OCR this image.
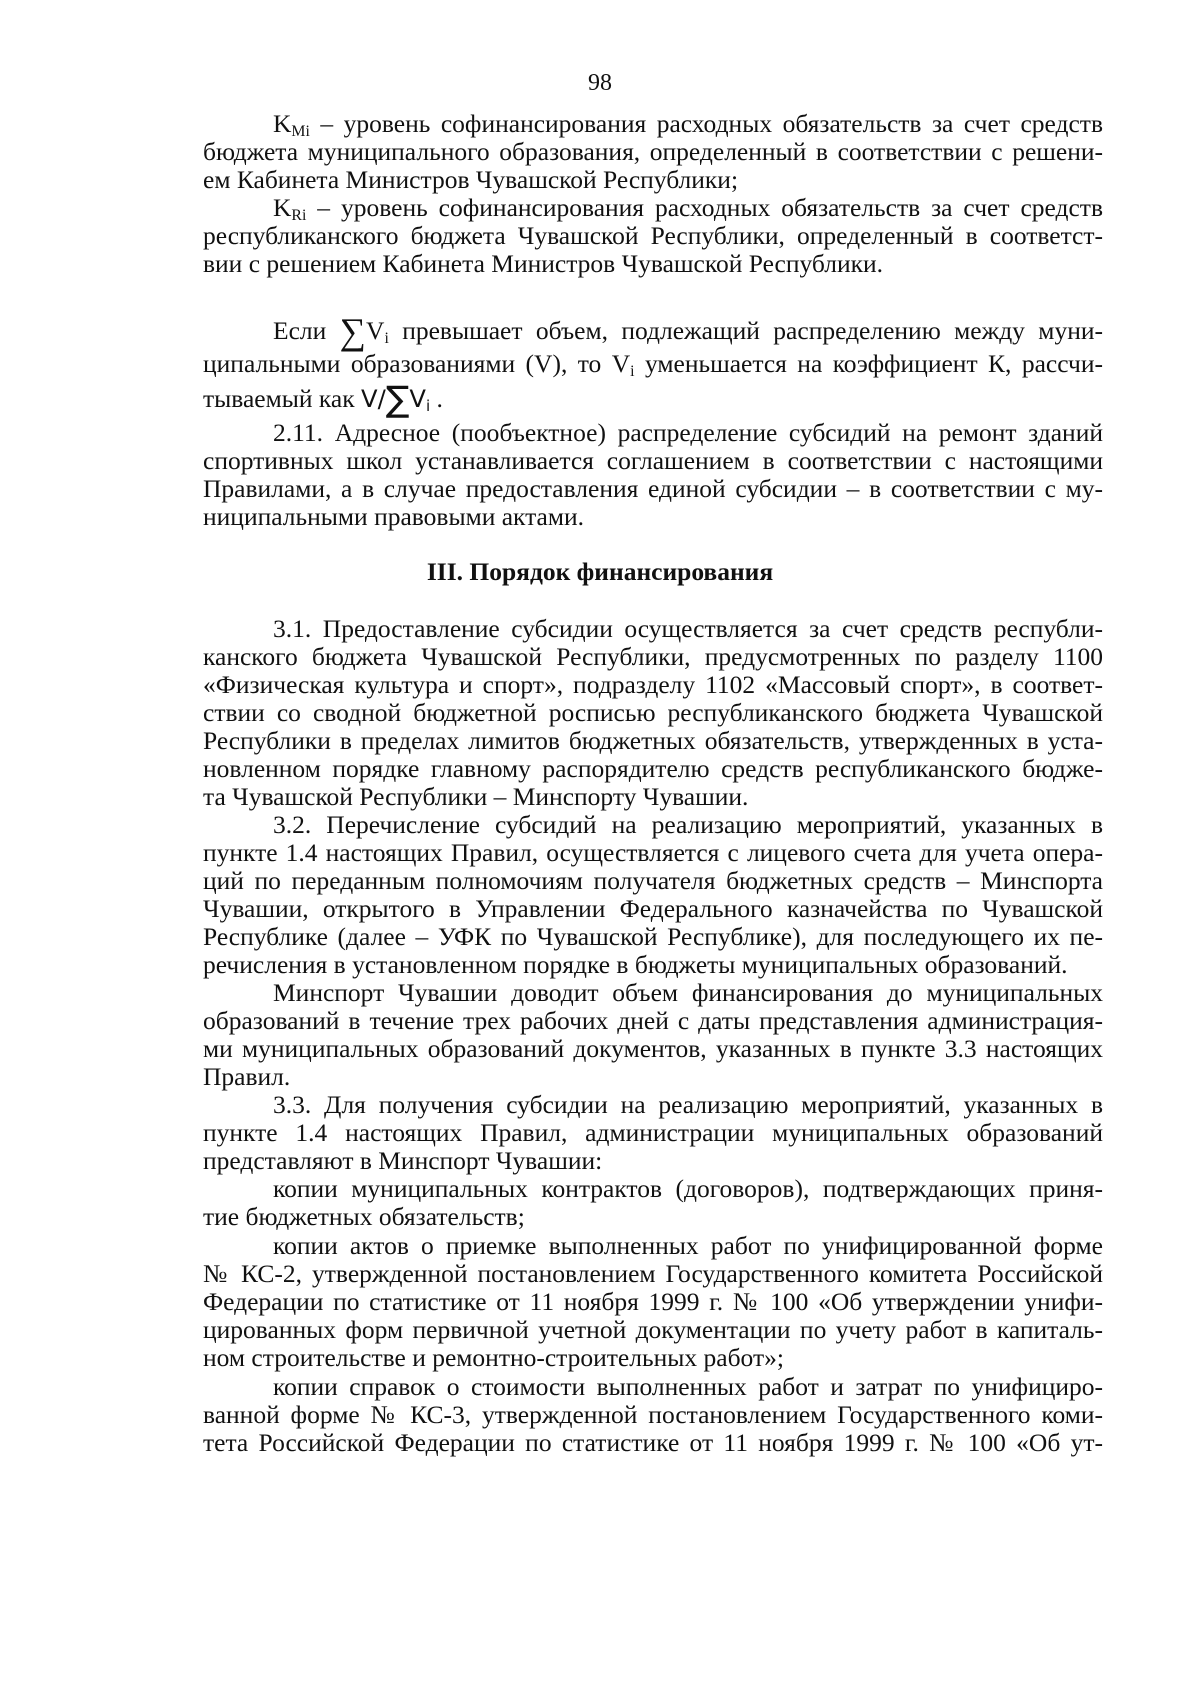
98
$K_{Mi}$ – уровень софинансирования расходных обязательств за счет средств
бюджета муниципального образования, определенный в соответствии с решени-
ем Кабинета Министров Чувашской Республики;
$K_{Ri}$ – уровень софинансирования расходных обязательств за счет средств
республиканского бюджета Чувашской Республики, определенный в соответст-
вии с решением Кабинета Министров Чувашской Республики.
Если $\sum V_i$ превышает объем, подлежащий распределению между муни-
ципальными образованиями (V), то $V_i$ уменьшается на коэффициент К, рассчи-
тываемый как $V/\sum V_i$ .
2.11. Адресное (пообъектное) распределение субсидий на ремонт зданий
спортивных школ устанавливается соглашением в соответствии с настоящими
Правилами, а в случае предоставления единой субсидии – в соответствии с му-
ниципальными правовыми актами.
III. Порядок финансирования
3.1. Предоставление субсидии осуществляется за счет средств республи-
канского бюджета Чувашской Республики, предусмотренных по разделу 1100
«Физическая культура и спорт», подразделу 1102 «Массовый спорт», в соответ-
ствии со сводной бюджетной росписью республиканского бюджета Чувашской
Республики в пределах лимитов бюджетных обязательств, утвержденных в уста-
новленном порядке главному распорядителю средств республиканского бюдже-
та Чувашской Республики – Минспорту Чувашии.
3.2. Перечисление субсидий на реализацию мероприятий, указанных в
пункте 1.4 настоящих Правил, осуществляется с лицевого счета для учета опера-
ций по переданным полномочиям получателя бюджетных средств – Минспорта
Чувашии, открытого в Управлении Федерального казначейства по Чувашской
Республике (далее – УФК по Чувашской Республике), для последующего их пе-
речисления в установленном порядке в бюджеты муниципальных образований.
Минспорт Чувашии доводит объем финансирования до муниципальных
образований в течение трех рабочих дней с даты представления администрация-
ми муниципальных образований документов, указанных в пункте 3.3 настоящих
Правил.
3.3. Для получения субсидии на реализацию мероприятий, указанных в
пункте 1.4 настоящих Правил, администрации муниципальных образований
представляют в Минспорт Чувашии:
копии муниципальных контрактов (договоров), подтверждающих приня-
тие бюджетных обязательств;
копии актов о приемке выполненных работ по унифицированной форме
№ КС-2, утвержденной постановлением Государственного комитета Российской
Федерации по статистике от 11 ноября 1999 г. № 100 «Об утверждении унифи-
цированных форм первичной учетной документации по учету работ в капиталь-
ном строительстве и ремонтно-строительных работ»;
копии справок о стоимости выполненных работ и затрат по унифициро-
ванной форме № КС-3, утвержденной постановлением Государственного коми-
тета Российской Федерации по статистике от 11 ноября 1999 г. № 100 «Об ут-
